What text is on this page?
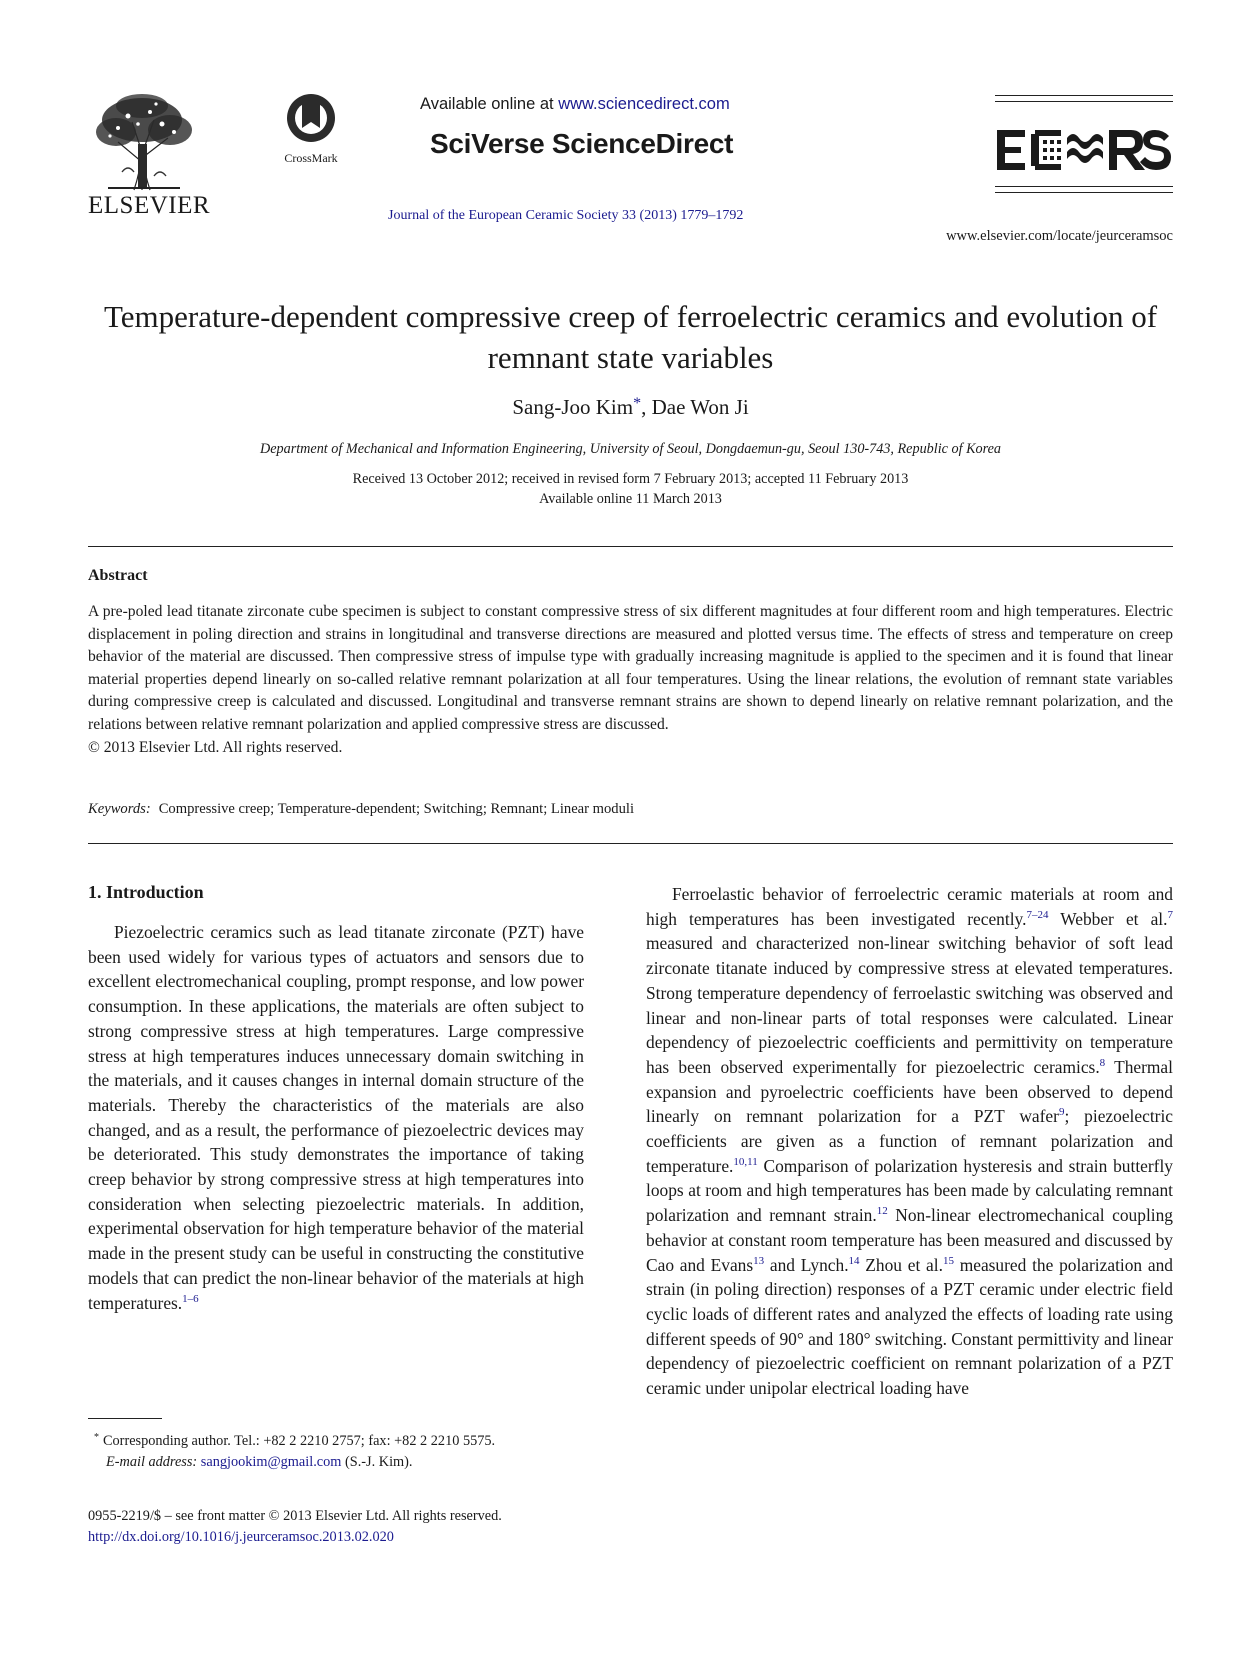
ELSEVIER
CrossMark
Available online at www.sciencedirect.com
SciVerse ScienceDirect
Journal of the European Ceramic Society 33 (2013) 1779–1792
www.elsevier.com/locate/jeurceramsoc
Temperature-dependent compressive creep of ferroelectric ceramics and evolution of remnant state variables
Sang-Joo Kim*, Dae Won Ji
Department of Mechanical and Information Engineering, University of Seoul, Dongdaemun-gu, Seoul 130-743, Republic of Korea
Received 13 October 2012; received in revised form 7 February 2013; accepted 11 February 2013
Available online 11 March 2013
Abstract
A pre-poled lead titanate zirconate cube specimen is subject to constant compressive stress of six different magnitudes at four different room and high temperatures. Electric displacement in poling direction and strains in longitudinal and transverse directions are measured and plotted versus time. The effects of stress and temperature on creep behavior of the material are discussed. Then compressive stress of impulse type with gradually increasing magnitude is applied to the specimen and it is found that linear material properties depend linearly on so-called relative remnant polarization at all four temperatures. Using the linear relations, the evolution of remnant state variables during compressive creep is calculated and discussed. Longitudinal and transverse remnant strains are shown to depend linearly on relative remnant polarization, and the relations between relative remnant polarization and applied compressive stress are discussed.
© 2013 Elsevier Ltd. All rights reserved.
Keywords: Compressive creep; Temperature-dependent; Switching; Remnant; Linear moduli
1. Introduction

Piezoelectric ceramics such as lead titanate zirconate (PZT) have been used widely for various types of actuators and sensors due to excellent electromechanical coupling, prompt response, and low power consumption. In these applications, the materials are often subject to strong compressive stress at high temperatures. Large compressive stress at high temperatures induces unnecessary domain switching in the materials, and it causes changes in internal domain structure of the materials. Thereby the characteristics of the materials are also changed, and as a result, the performance of piezoelectric devices may be deteriorated. This study demonstrates the importance of taking creep behavior by strong compressive stress at high temperatures into consideration when selecting piezoelectric materials. In addition, experimental observation for high temperature behavior of the material made in the present study can be useful in constructing the constitutive models that can predict the non-linear behavior of the materials at high temperatures.$^{1-6}$

Ferroelastic behavior of ferroelectric ceramic materials at room and high temperatures has been investigated recently.$^{7-24}$ Webber et al.$^7$ measured and characterized non-linear switching behavior of soft lead zirconate titanate induced by compressive stress at elevated temperatures. Strong temperature dependency of ferroelastic switching was observed and linear and non-linear parts of total responses were calculated. Linear dependency of piezoelectric coefficients and permittivity on temperature has been observed experimentally for piezoelectric ceramics.$^8$ Thermal expansion and pyroelectric coefficients have been observed to depend linearly on remnant polarization for a PZT wafer$^9$; piezoelectric coefficients are given as a function of remnant polarization and temperature.$^{10,11}$ Comparison of polarization hysteresis and strain butterfly loops at room and high temperatures has been made by calculating remnant polarization and remnant strain.$^{12}$ Non-linear electromechanical coupling behavior at constant room temperature has been measured and discussed by Cao and Evans$^{13}$ and Lynch.$^{14}$ Zhou et al.$^{15}$ measured the polarization and strain (in poling direction) responses of a PZT ceramic under electric field cyclic loads of different rates and analyzed the effects of loading rate using different speeds of 90° and 180° switching. Constant permittivity and linear dependency of piezoelectric coefficient on remnant polarization of a PZT ceramic under unipolar electrical loading have

* Corresponding author. Tel.: +82 2 2210 2757; fax: +82 2 2210 5575.
E-mail address: sangjookim@gmail.com (S.-J. Kim).
0955-2219/$ – see front matter © 2013 Elsevier Ltd. All rights reserved.
http://dx.doi.org/10.1016/j.jeurceramsoc.2013.02.020
